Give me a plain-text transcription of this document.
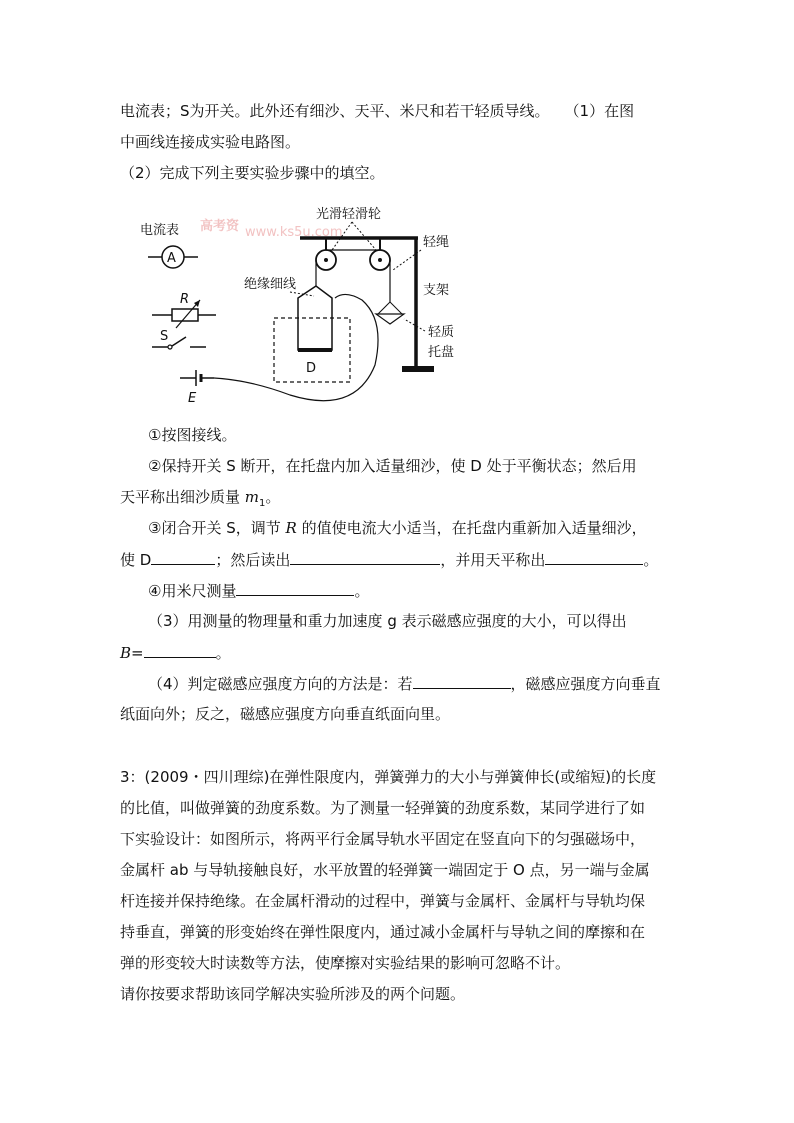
电流表；S为开关。此外还有细沙、天平、米尺和若干轻质导线。　　（1）在图
中画线连接成实验电路图。
（2）完成下列主要实验步骤中的填空。
高考资 www.ks5u.com
电流表
A
R
S
E
D
光滑轻滑轮
绝缘细线
轻绳
支架
轻质
托盘
①按图接线。
②保持开关 S 断开，在托盘内加入适量细沙，使 D 处于平衡状态；然后用
天平称出细沙质量 $m_1$。
③闭合开关 S，调节 R 的值使电流大小适当，在托盘内重新加入适量细沙，
使 D	；然后读出	，并用天平称出	。
④用米尺测量	。
（3）用测量的物理量和重力加速度 g 表示磁感应强度的大小，可以得出
B=	。
（4）判定磁感应强度方向的方法是：若	，磁感应强度方向垂直
纸面向外；反之，磁感应强度方向垂直纸面向里。
3：(2009・四川理综)在弹性限度内，弹簧弹力的大小与弹簧伸长(或缩短)的长度
的比值，叫做弹簧的劲度系数。为了测量一轻弹簧的劲度系数，某同学进行了如
下实验设计：如图所示，将两平行金属导轨水平固定在竖直向下的匀强磁场中，
金属杆 ab 与导轨接触良好，水平放置的轻弹簧一端固定于 O 点，另一端与金属
杆连接并保持绝缘。在金属杆滑动的过程中，弹簧与金属杆、金属杆与导轨均保
持垂直，弹簧的形变始终在弹性限度内，通过减小金属杆与导轨之间的摩擦和在
弹的形变较大时读数等方法，使摩擦对实验结果的影响可忽略不计。
请你按要求帮助该同学解决实验所涉及的两个问题。
